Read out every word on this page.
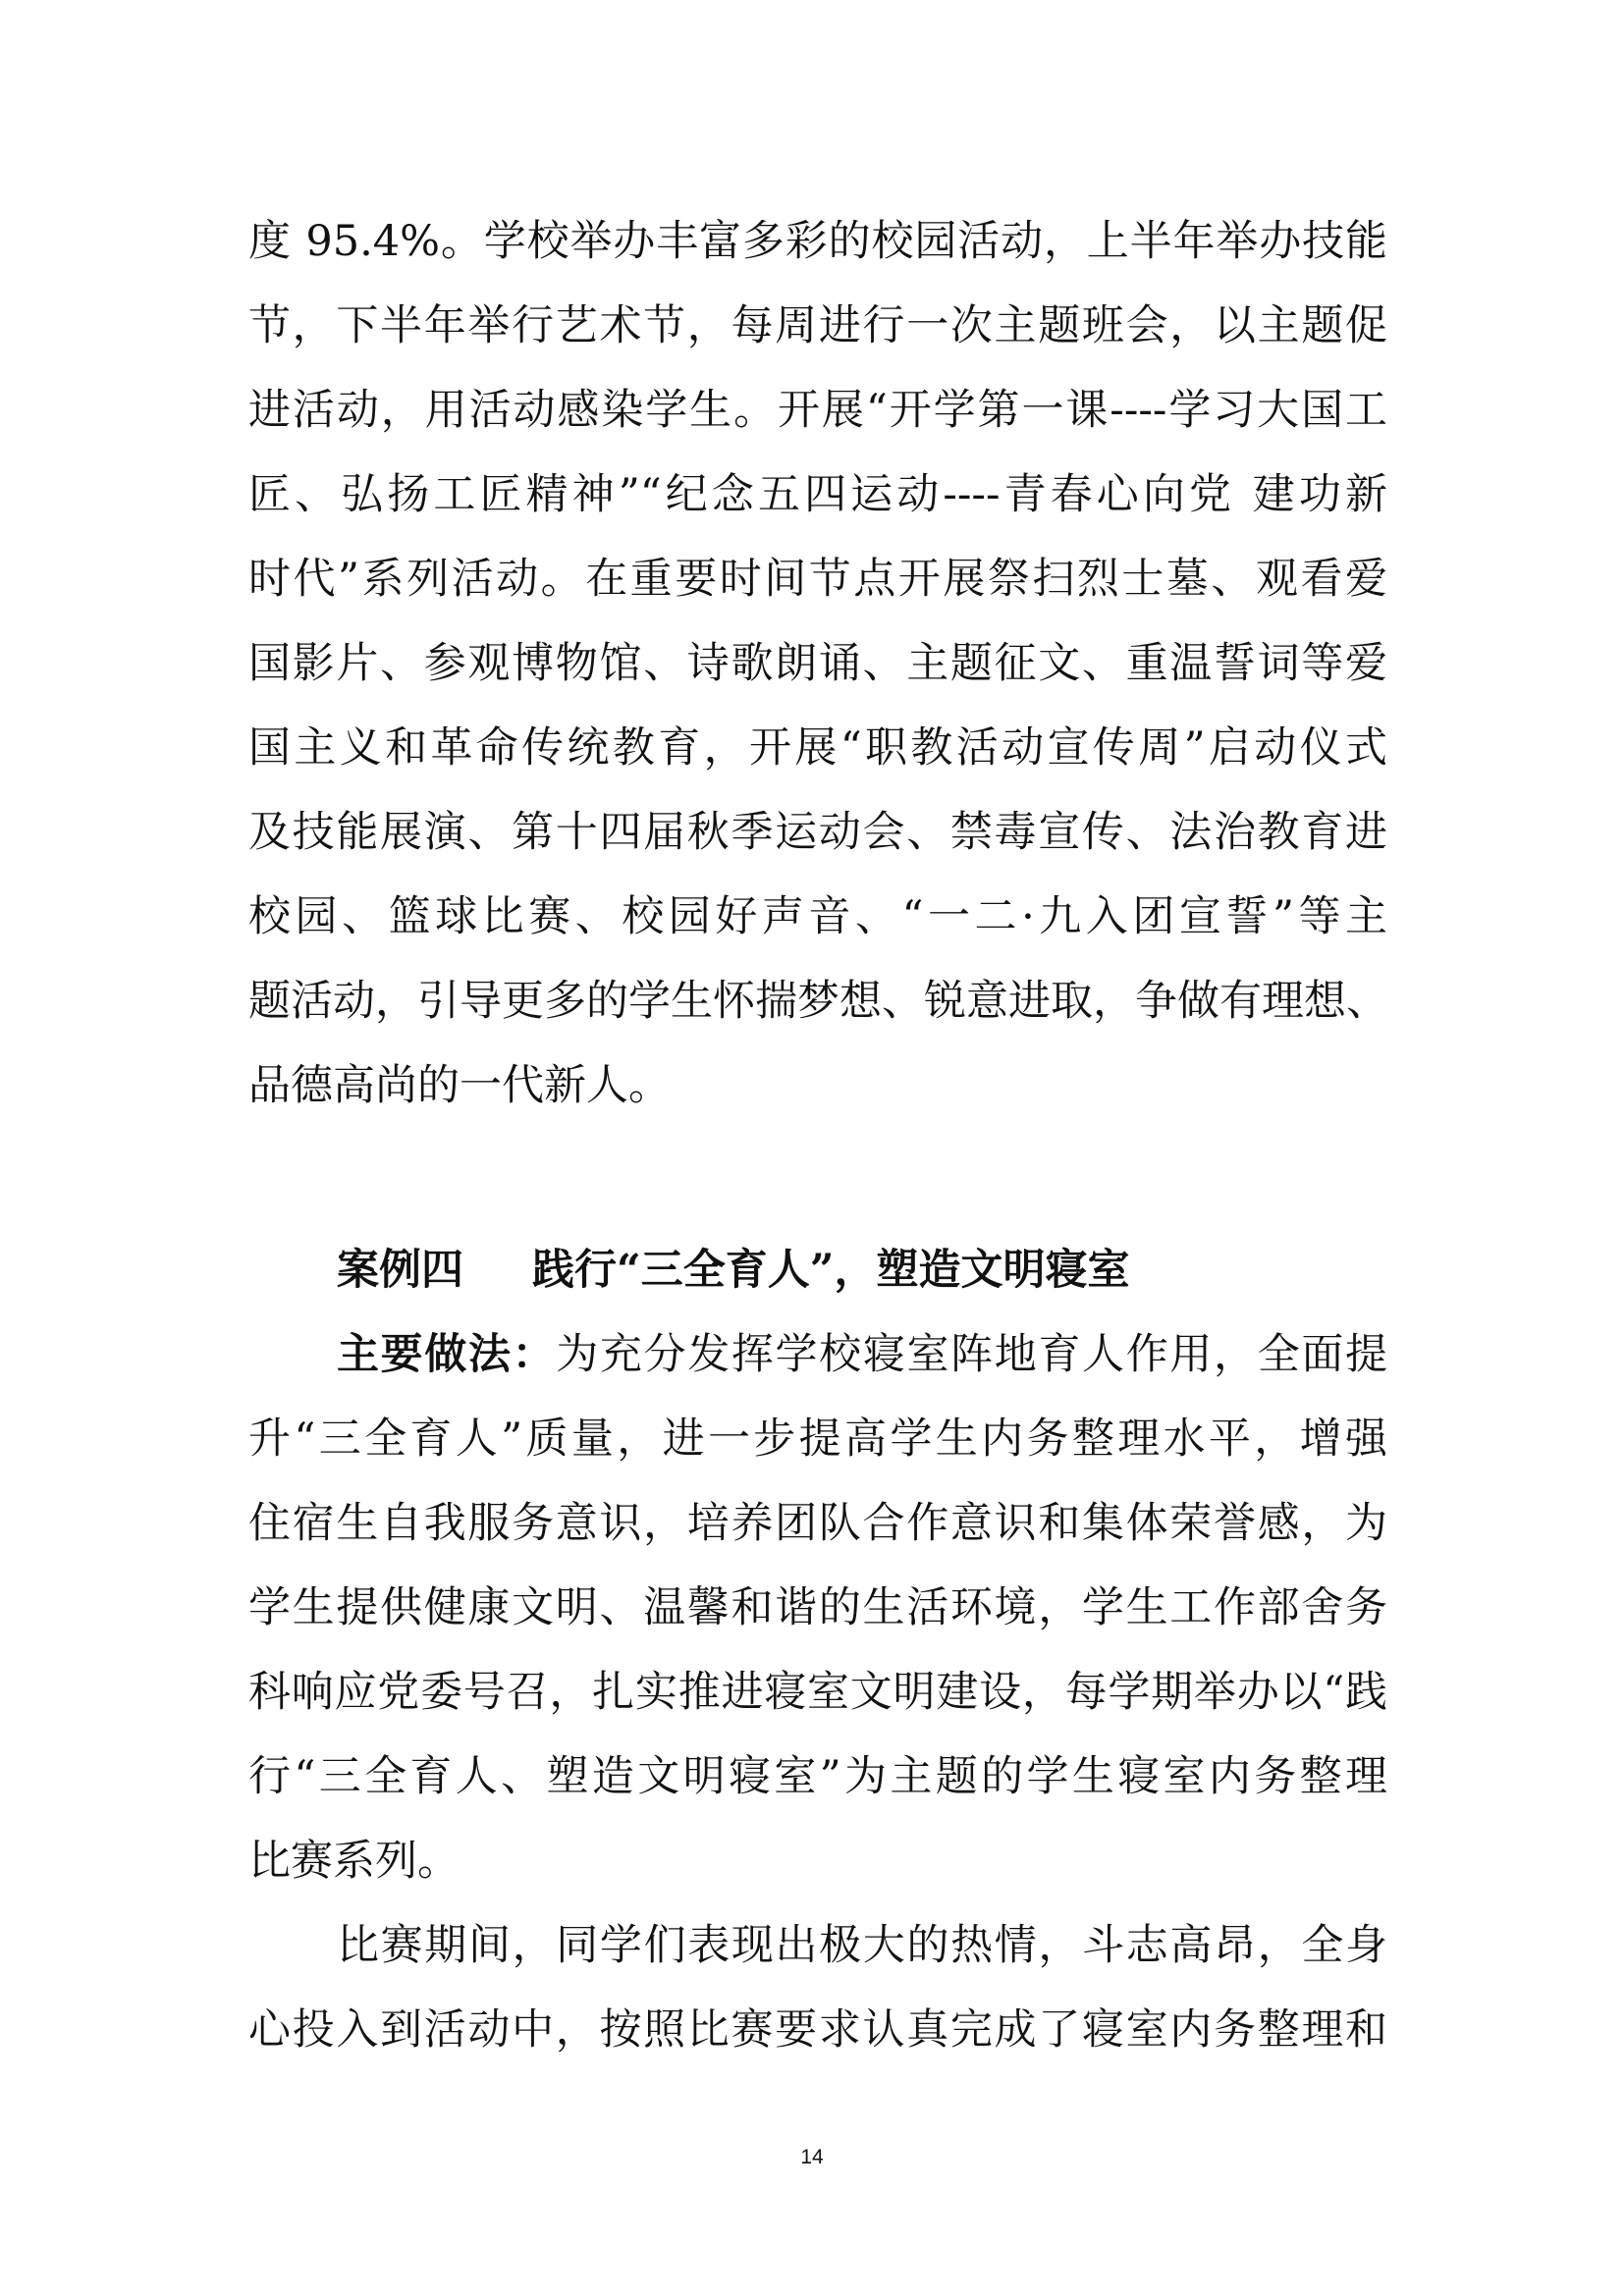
度 95.4%。学校举办丰富多彩的校园活动，上半年举办技能
节，下半年举行艺术节，每周进行一次主题班会，以主题促
进活动，用活动感染学生。开展“开学第一课----学习大国工
匠、弘扬工匠精神”“纪念五四运动----青春心向党 建功新
时代”系列活动。在重要时间节点开展祭扫烈士墓、观看爱
国影片、参观博物馆、诗歌朗诵、主题征文、重温誓词等爱
国主义和革命传统教育，开展“职教活动宣传周”启动仪式
及技能展演、第十四届秋季运动会、禁毒宣传、法治教育进
校园、篮球比赛、校园好声音、“一二·九入团宣誓”等主
题活动，引导更多的学生怀揣梦想、锐意进取，争做有理想、
品德高尚的一代新人。
案例四 践行“三全育人”，塑造文明寝室
主要做法：为充分发挥学校寝室阵地育人作用，全面提
升“三全育人”质量，进一步提高学生内务整理水平，增强
住宿生自我服务意识，培养团队合作意识和集体荣誉感，为
学生提供健康文明、温馨和谐的生活环境，学生工作部舍务
科响应党委号召，扎实推进寝室文明建设，每学期举办以“践
行“三全育人、塑造文明寝室”为主题的学生寝室内务整理
比赛系列。
比赛期间，同学们表现出极大的热情，斗志高昂，全身
心投入到活动中，按照比赛要求认真完成了寝室内务整理和
14
